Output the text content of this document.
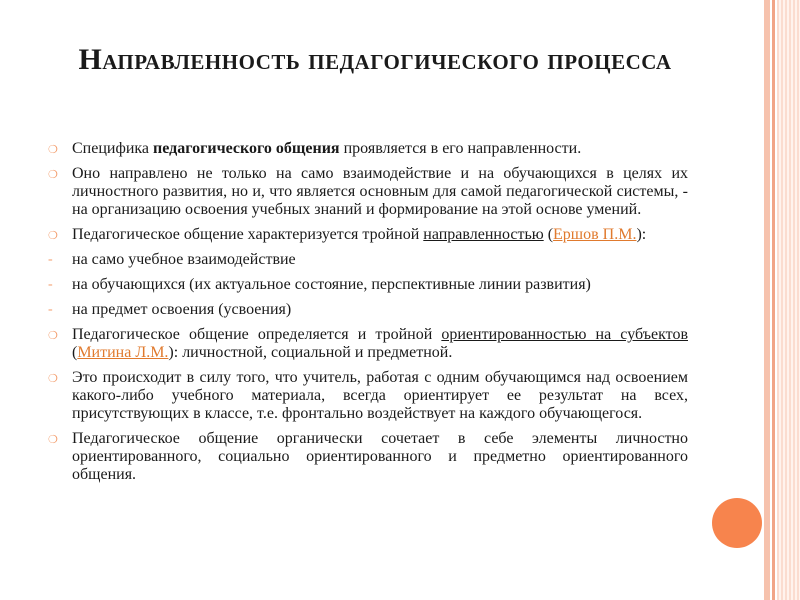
Направленность педагогического процесса
❍ Специфика педагогического общения проявляется в его направленности.
❍ Оно направлено не только на само взаимодействие и на обучающихся в целях их личностного развития, но и, что является основным для самой педагогической системы, - на организацию освоения учебных знаний и формирование на этой основе умений.
❍ Педагогическое общение характеризуется тройной направленностью (Ершов П.М.):
-	на само учебное взаимодействие
-	на обучающихся (их актуальное состояние, перспективные линии развития)
-	на предмет освоения (усвоения)
❍ Педагогическое общение определяется и тройной ориентированностью на субъектов (Митина Л.М.): личностной, социальной и предметной.
❍ Это происходит в силу того, что учитель, работая с одним обучающимся над освоением какого-либо учебного материала, всегда ориентирует ее результат на всех, присутствующих в классе, т.е. фронтально воздействует на каждого обучающегося.
❍ Педагогическое общение органически сочетает в себе элементы личностно ориентированного, социально ориентированного и предметно ориентированного общения.
